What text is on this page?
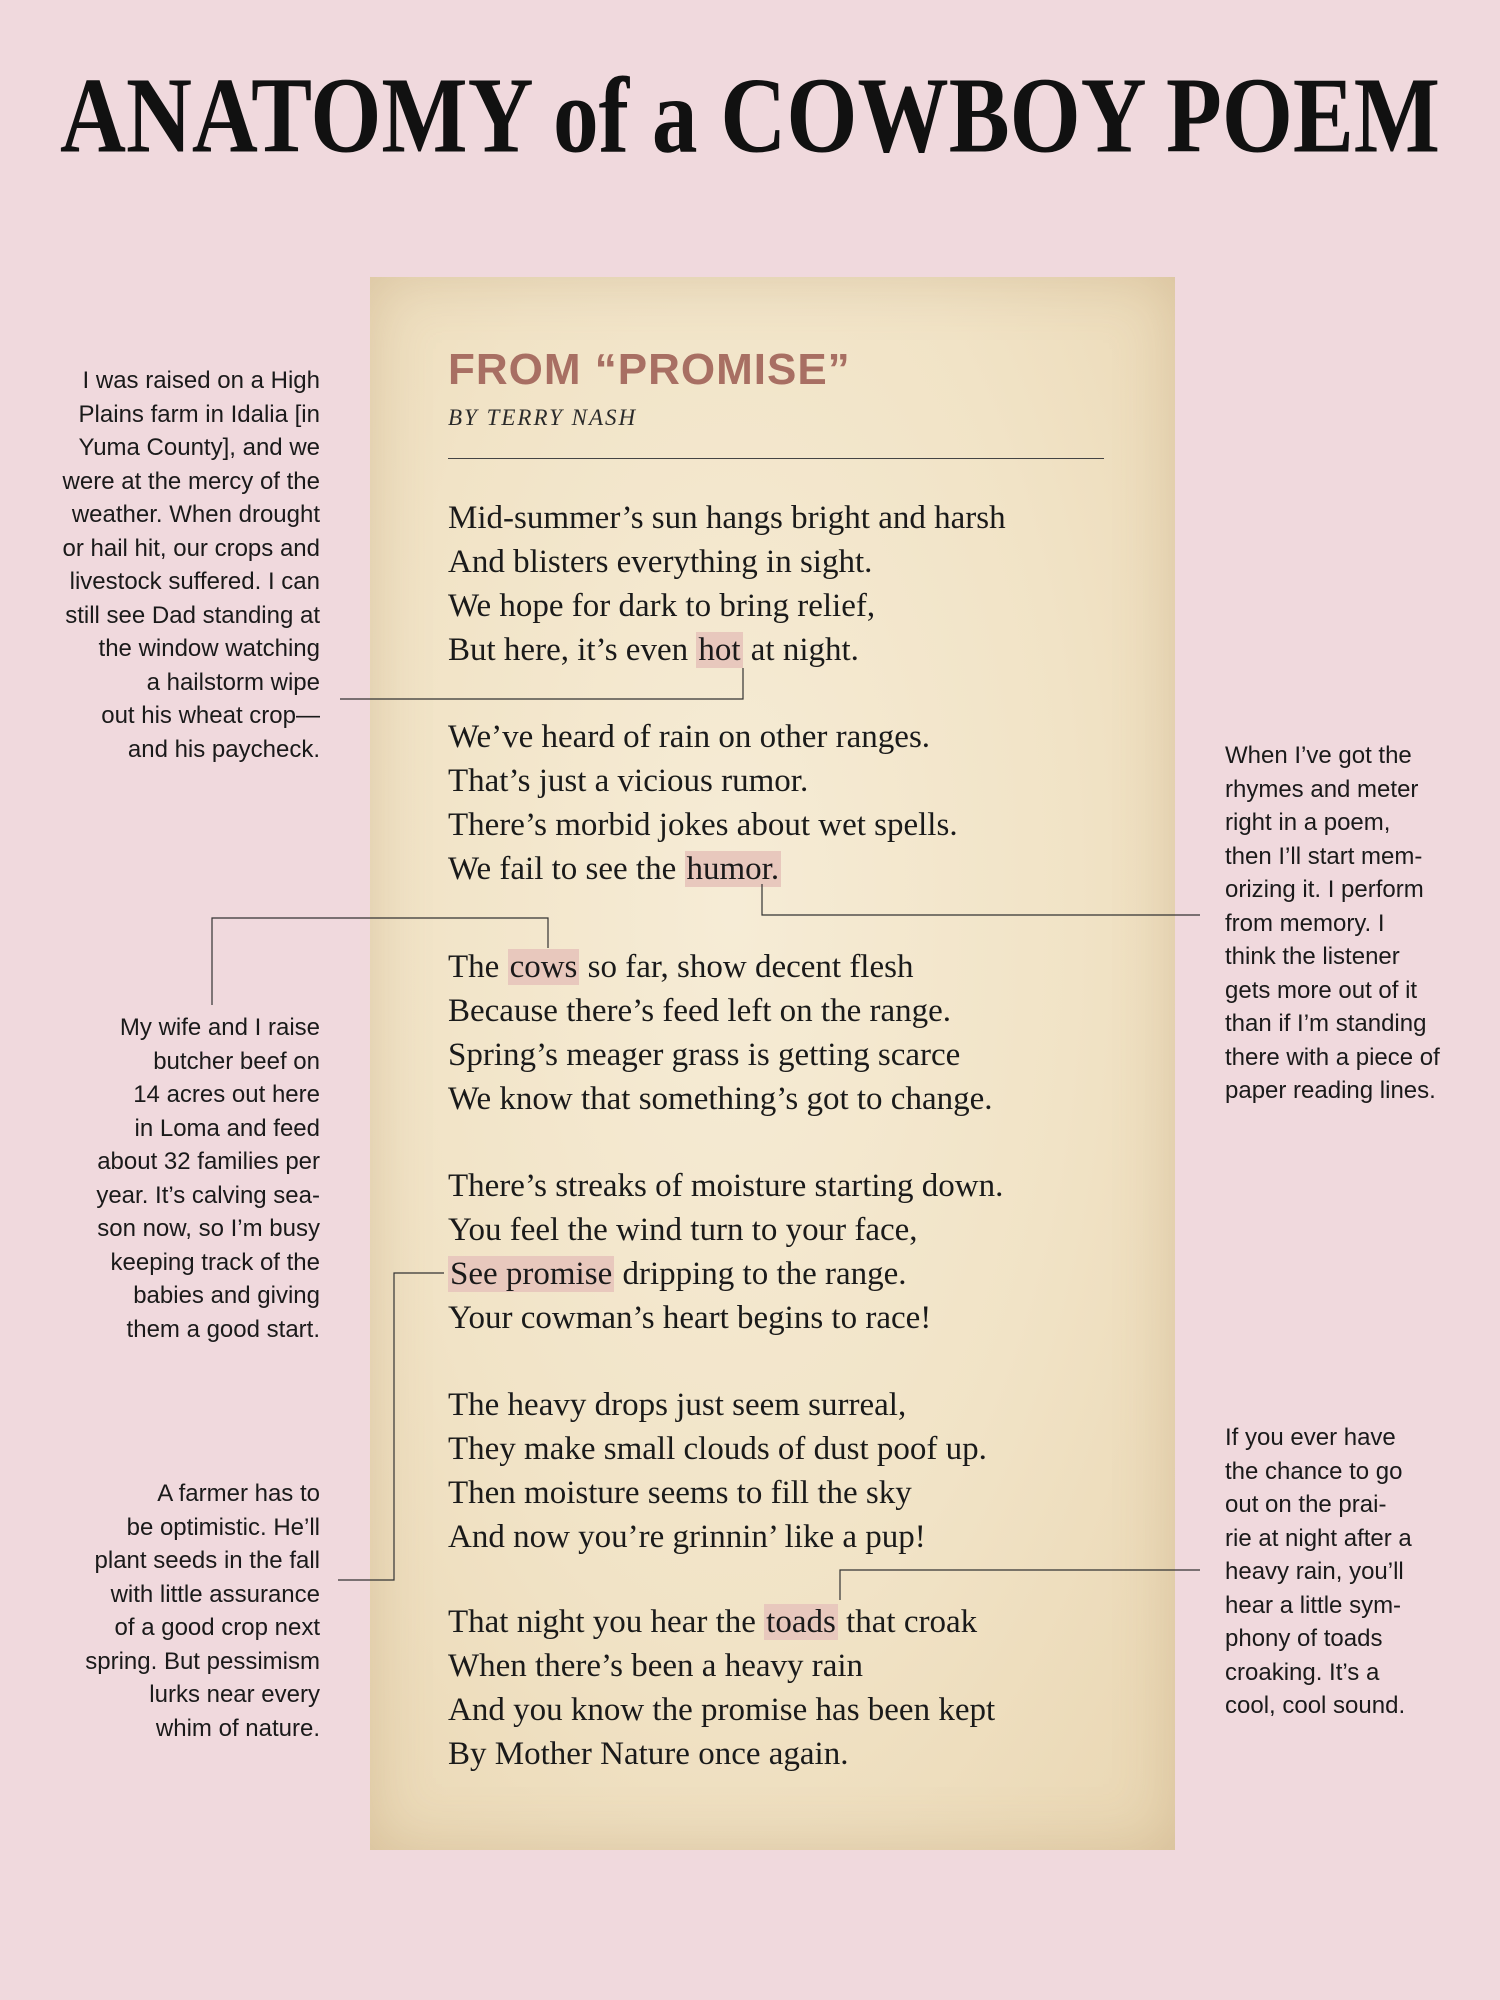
ANATOMY of a COWBOY POEM
FROM “PROMISE”
BY TERRY NASH
Mid-summer’s sun hangs bright and harsh
And blisters everything in sight.
We hope for dark to bring relief,
But here, it’s even hot at night.
We’ve heard of rain on other ranges.
That’s just a vicious rumor.
There’s morbid jokes about wet spells.
We fail to see the humor.
The cows so far, show decent flesh
Because there’s feed left on the range.
Spring’s meager grass is getting scarce
We know that something’s got to change.
There’s streaks of moisture starting down.
You feel the wind turn to your face,
See promise dripping to the range.
Your cowman’s heart begins to race!
The heavy drops just seem surreal,
They make small clouds of dust poof up.
Then moisture seems to fill the sky
And now you’re grinnin’ like a pup!
That night you hear the toads that croak
When there’s been a heavy rain
And you know the promise has been kept
By Mother Nature once again.
I was raised on a High
Plains farm in Idalia [in
Yuma County], and we
were at the mercy of the
weather. When drought
or hail hit, our crops and
livestock suffered. I can
still see Dad standing at
the window watching
a hailstorm wipe
out his wheat crop—
and his paycheck.	When I’ve got the
rhymes and meter
right in a poem,
then I’ll start mem-
orizing it. I perform
from memory. I
think the listener
gets more out of it
than if I’m standing
there with a piece of
paper reading lines.
My wife and I raise
butcher beef on
14 acres out here
in Loma and feed
about 32 families per
year. It’s calving sea-
son now, so I’m busy
keeping track of the
babies and giving
them a good start.
A farmer has to
be optimistic. He’ll
plant seeds in the fall
with little assurance
of a good crop next
spring. But pessimism
lurks near every
whim of nature.
If you ever have
the chance to go
out on the prai-
rie at night after a
heavy rain, you’ll
hear a little sym-
phony of toads
croaking. It’s a
cool, cool sound.
